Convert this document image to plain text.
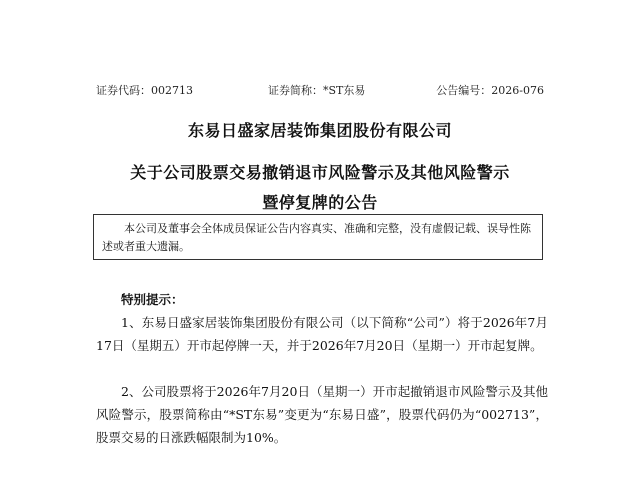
证券代码：002713	证券简称：*ST东易	公告编号：2026-076
东易日盛家居装饰集团股份有限公司
关于公司股票交易撤销退市风险警示及其他风险警示
暨停复牌的公告
本公司及董事会全体成员保证公告内容真实、准确和完整，没有虚假记载、误导性陈述或者重大遗漏。
特别提示：
1、东易日盛家居装饰集团股份有限公司（以下简称“公司”）将于2026年7月17日（星期五）开市起停牌一天，并于2026年7月20日（星期一）开市起复牌。
2、公司股票将于2026年7月20日（星期一）开市起撤销退市风险警示及其他风险警示，股票简称由“*ST东易”变更为“东易日盛”，股票代码仍为“002713”，股票交易的日涨跌幅限制为10%。
